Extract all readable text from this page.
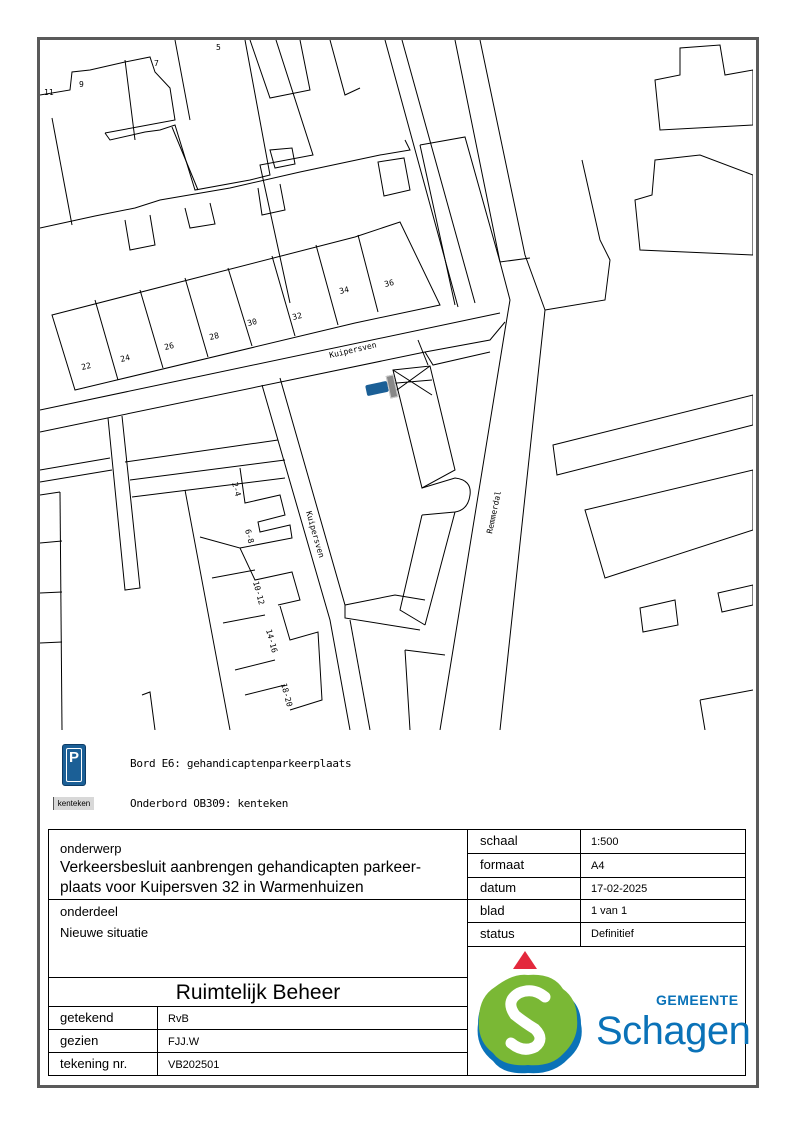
11
9
7
5
22
24
26
28
30
32
34
36
2-4
6-8
10-12
14-16
18-20
Kuipersven
Kuipersven	Remmerdal
P	Bord E6: gehandicaptenparkeerplaats
kenteken	Onderbord OB309: kenteken
onderwerp
Verkeersbesluit aanbrengen gehandicapten parkeer-
plaats voor Kuipersven 32 in Warmenhuizen
onderdeel
Nieuwe situatie
Ruimtelijk Beheer
getekend	RvB
gezien	FJJ.W
tekening nr.	VB202501
schaal	1:500
formaat	A4
datum	17-02-2025
blad	1 van 1
status	Definitief
GEMEENTE
Schagen
